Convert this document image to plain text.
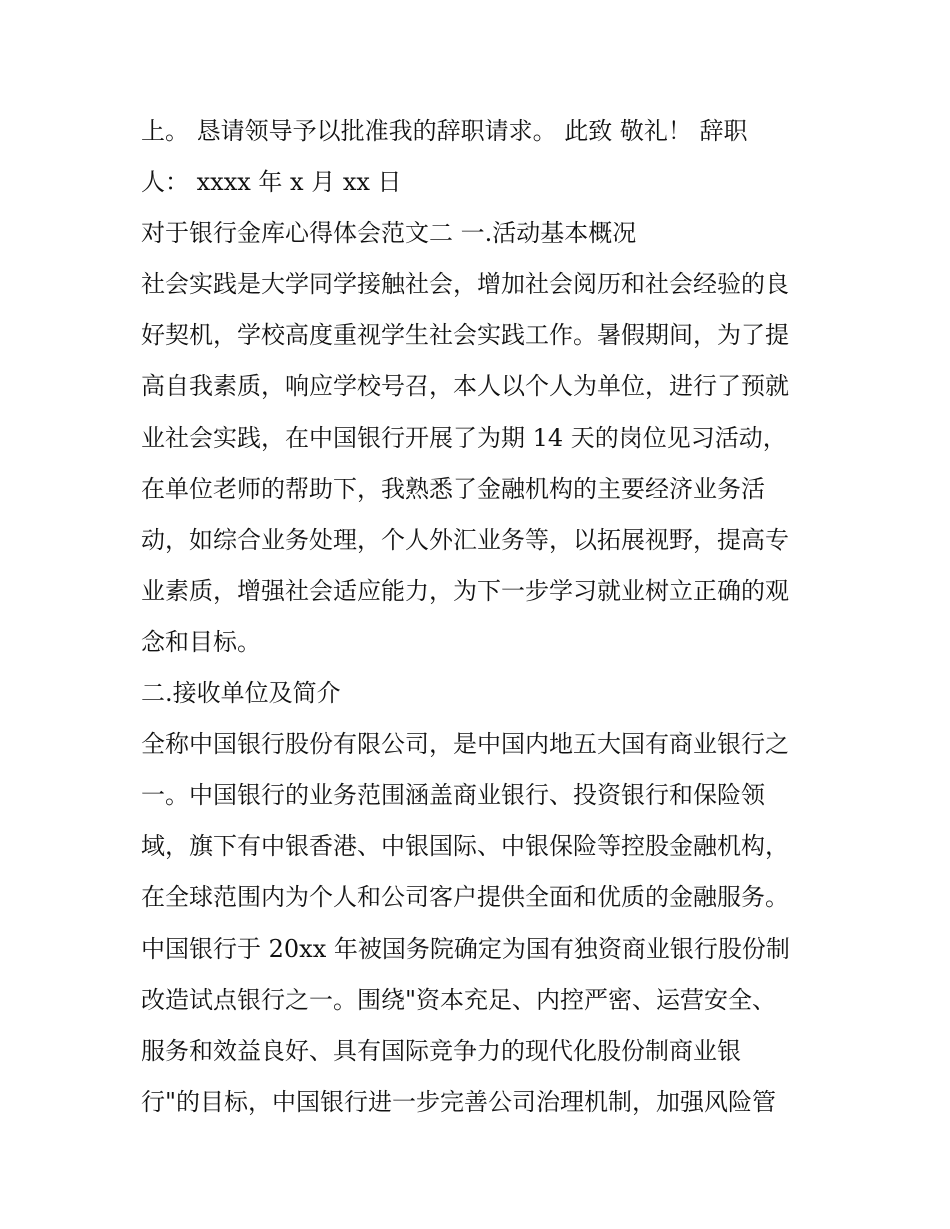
上。 恳请领导予以批准我的辞职请求。 此致 敬礼！ 辞职
人： xxxx 年 x 月 xx 日
对于银行金库心得体会范文二 一.活动基本概况
社会实践是大学同学接触社会，增加社会阅历和社会经验的良
好契机，学校高度重视学生社会实践工作。暑假期间，为了提
高自我素质，响应学校号召，本人以个人为单位，进行了预就
业社会实践，在中国银行开展了为期 14 天的岗位见习活动，
在单位老师的帮助下，我熟悉了金融机构的主要经济业务活
动，如综合业务处理，个人外汇业务等，以拓展视野，提高专
业素质，增强社会适应能力，为下一步学习就业树立正确的观
念和目标。
二.接收单位及简介
全称中国银行股份有限公司，是中国内地五大国有商业银行之
一。中国银行的业务范围涵盖商业银行、投资银行和保险领
域，旗下有中银香港、中银国际、中银保险等控股金融机构，
在全球范围内为个人和公司客户提供全面和优质的金融服务。
中国银行于 20xx 年被国务院确定为国有独资商业银行股份制
改造试点银行之一。围绕"资本充足、内控严密、运营安全、
服务和效益良好、具有国际竞争力的现代化股份制商业银
行"的目标，中国银行进一步完善公司治理机制，加强风险管
